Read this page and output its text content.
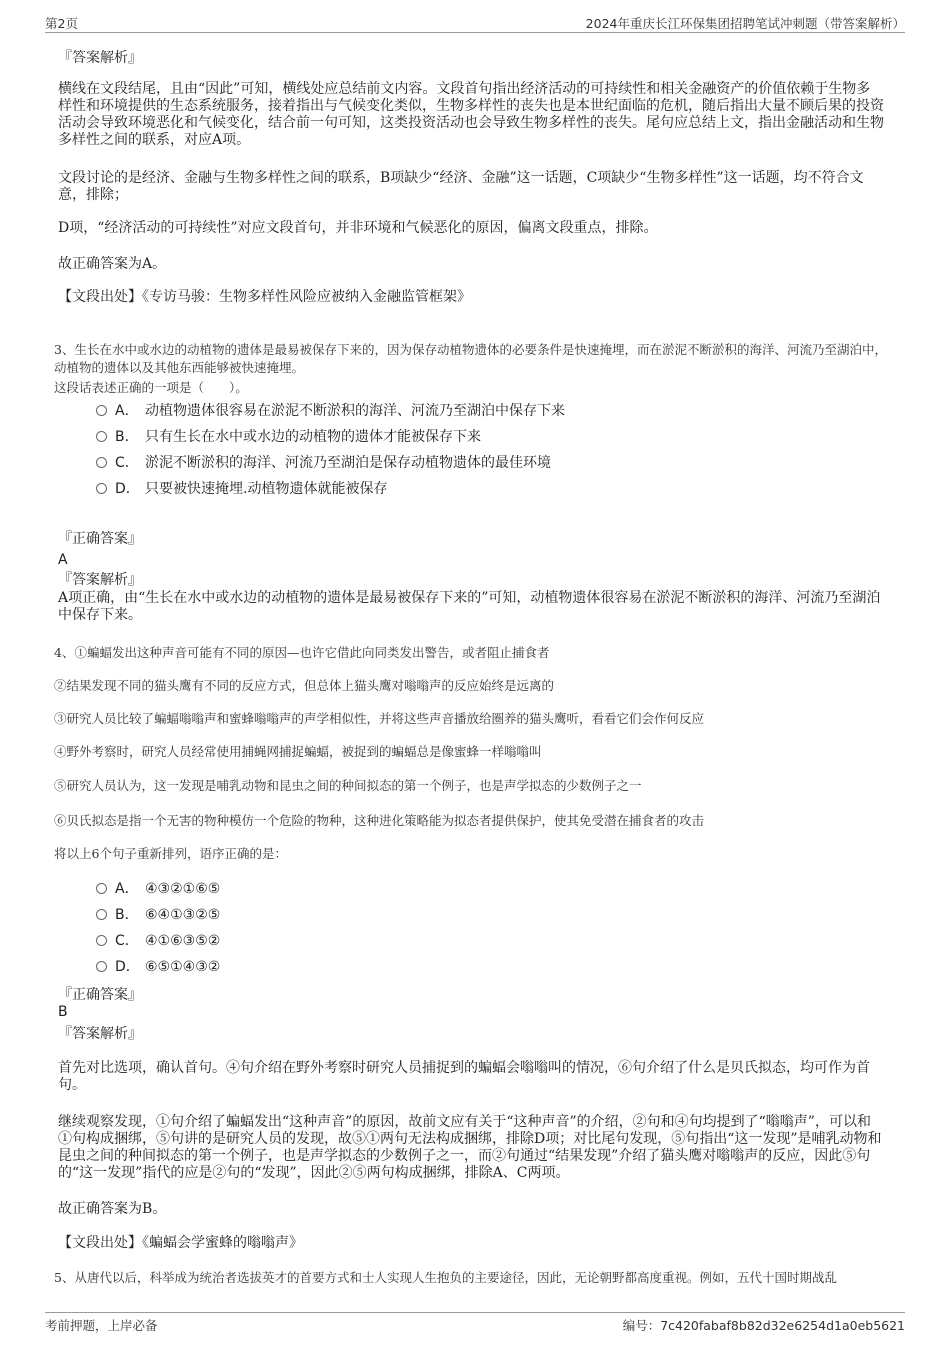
第2页	2024年重庆长江环保集团招聘笔试冲刺题（带答案解析）
『答案解析』
横线在文段结尾，且由“因此”可知，横线处应总结前文内容。文段首句指出经济活动的可持续性和相关金融资产的价值依赖于生物多样性和环境提供的生态系统服务，接着指出与气候变化类似，生物多样性的丧失也是本世纪面临的危机，随后指出大量不顾后果的投资活动会导致环境恶化和气候变化，结合前一句可知，这类投资活动也会导致生物多样性的丧失。尾句应总结上文，指出金融活动和生物多样性之间的联系，对应A项。
文段讨论的是经济、金融与生物多样性之间的联系，B项缺少“经济、金融”这一话题，C项缺少“生物多样性”这一话题，均不符合文意，排除；
D项，“经济活动的可持续性”对应文段首句，并非环境和气候恶化的原因，偏离文段重点，排除。
故正确答案为A。
【文段出处】《专访马骏：生物多样性风险应被纳入金融监管框架》
3、生长在水中或水边的动植物的遗体是最易被保存下来的，因为保存动植物遗体的必要条件是快速掩埋，而在淤泥不断淤积的海洋、河流乃至湖泊中，动植物的遗体以及其他东西能够被快速掩埋。
这段话表述正确的一项是（　　）。
A． 动植物遗体很容易在淤泥不断淤积的海洋、河流乃至湖泊中保存下来
B． 只有生长在水中或水边的动植物的遗体才能被保存下来
C． 淤泥不断淤积的海洋、河流乃至湖泊是保存动植物遗体的最佳环境
D． 只要被快速掩埋.动植物遗体就能被保存
『正确答案』
A
『答案解析』
A项正确，由“生长在水中或水边的动植物的遗体是最易被保存下来的”可知，动植物遗体很容易在淤泥不断淤积的海洋、河流乃至湖泊中保存下来。
4、①蝙蝠发出这种声音可能有不同的原因—也许它借此向同类发出警告，或者阻止捕食者
②结果发现不同的猫头鹰有不同的反应方式，但总体上猫头鹰对嗡嗡声的反应始终是远离的
③研究人员比较了蝙蝠嗡嗡声和蜜蜂嗡嗡声的声学相似性，并将这些声音播放给圈养的猫头鹰听，看看它们会作何反应
④野外考察时，研究人员经常使用捕蝇网捕捉蝙蝠，被捉到的蝙蝠总是像蜜蜂一样嗡嗡叫
⑤研究人员认为，这一发现是哺乳动物和昆虫之间的种间拟态的第一个例子，也是声学拟态的少数例子之一
⑥贝氏拟态是指一个无害的物种模仿一个危险的物种，这种进化策略能为拟态者提供保护，使其免受潜在捕食者的攻击
将以上6个句子重新排列，语序正确的是：
A． ④③②①⑥⑤
B． ⑥④①③②⑤
C． ④①⑥③⑤②
D． ⑥⑤①④③②
『正确答案』
B
『答案解析』
首先对比选项，确认首句。④句介绍在野外考察时研究人员捕捉到的蝙蝠会嗡嗡叫的情况，⑥句介绍了什么是贝氏拟态，均可作为首句。
继续观察发现，①句介绍了蝙蝠发出“这种声音”的原因，故前文应有关于“这种声音”的介绍，②句和④句均提到了“嗡嗡声”，可以和①句构成捆绑，⑤句讲的是研究人员的发现，故⑤①两句无法构成捆绑，排除D项；对比尾句发现，⑤句指出“这一发现”是哺乳动物和昆虫之间的种间拟态的第一个例子，也是声学拟态的少数例子之一，而②句通过“结果发现”介绍了猫头鹰对嗡嗡声的反应，因此⑤句的“这一发现”指代的应是②句的“发现”，因此②⑤两句构成捆绑，排除A、C两项。
故正确答案为B。
【文段出处】《蝙蝠会学蜜蜂的嗡嗡声》
5、从唐代以后，科举成为统治者选拔英才的首要方式和士人实现人生抱负的主要途径，因此，无论朝野都高度重视。例如，五代十国时期战乱
考前押题，上岸必备	编号：7c420fabaf8b82d32e6254d1a0eb5621
